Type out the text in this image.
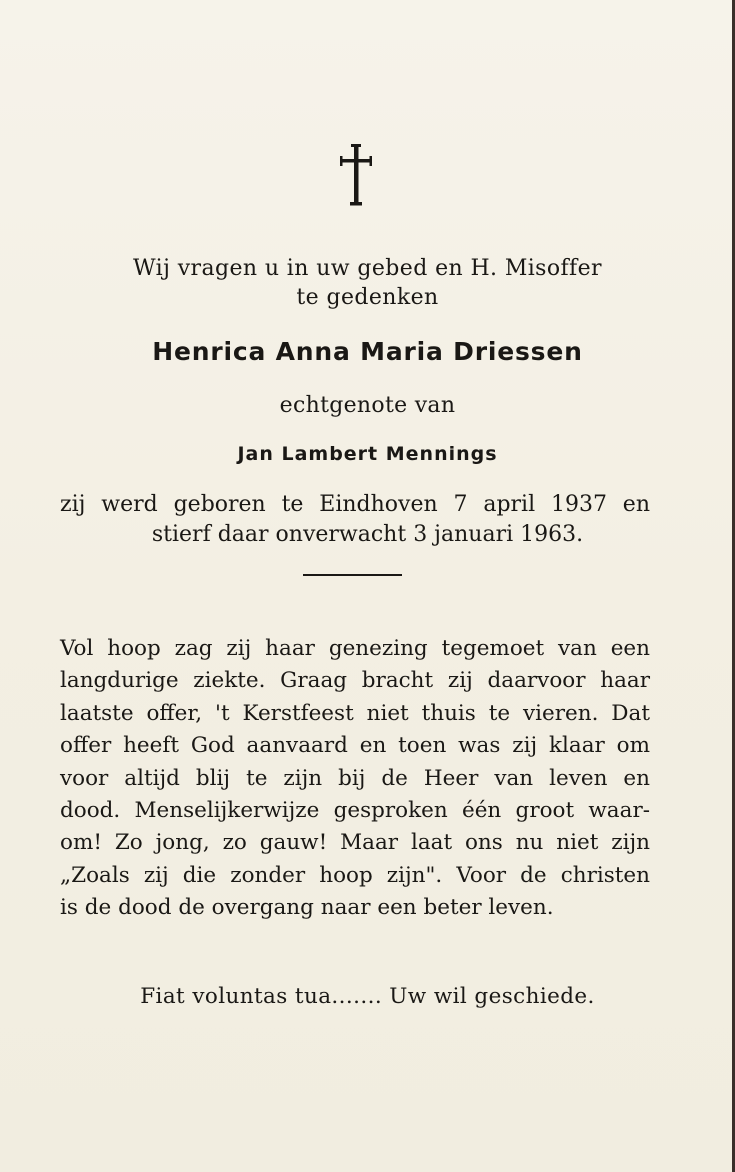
Wij vragen u in uw gebed en H. Misoffer
te gedenken
Henrica Anna Maria Driessen
echtgenote van
Jan Lambert Mennings
zij werd geboren te Eindhoven 7 april 1937 en
stierf daar onverwacht 3 januari 1963.
Vol hoop zag zij haar genezing tegemoet van een
langdurige ziekte. Graag bracht zij daarvoor haar
laatste offer, 't Kerstfeest niet thuis te vieren. Dat
offer heeft God aanvaard en toen was zij klaar om
voor altijd blij te zijn bij de Heer van leven en
dood. Menselijkerwijze gesproken één groot waar-
om! Zo jong, zo gauw! Maar laat ons nu niet zijn
„Zoals zij die zonder hoop zijn". Voor de christen
is de dood de overgang naar een beter leven.
Fiat voluntas tua....... Uw wil geschiede.
